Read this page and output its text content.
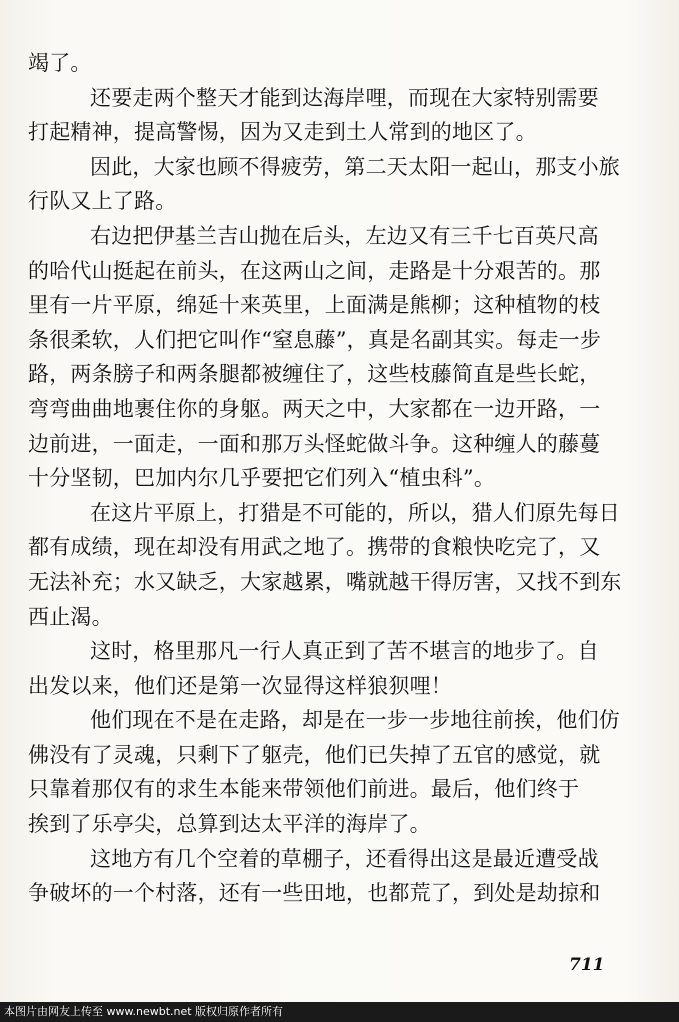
竭了。
还要走两个整天才能到达海岸哩，而现在大家特别需要
打起精神，提高警惕，因为又走到土人常到的地区了。
因此，大家也顾不得疲劳，第二天太阳一起山，那支小旅
行队又上了路。
右边把伊基兰吉山抛在后头，左边又有三千七百英尺高
的哈代山挺起在前头，在这两山之间，走路是十分艰苦的。那
里有一片平原，绵延十来英里，上面满是熊柳；这种植物的枝
条很柔软，人们把它叫作“窒息藤”，真是名副其实。每走一步
路，两条膀子和两条腿都被缠住了，这些枝藤简直是些长蛇，
弯弯曲曲地裹住你的身躯。两天之中，大家都在一边开路，一
边前进，一面走，一面和那万头怪蛇做斗争。这种缠人的藤蔓
十分坚韧，巴加内尔几乎要把它们列入“植虫科”。
在这片平原上，打猎是不可能的，所以，猎人们原先每日
都有成绩，现在却没有用武之地了。携带的食粮快吃完了，又
无法补充；水又缺乏，大家越累，嘴就越干得厉害，又找不到东
西止渴。
这时，格里那凡一行人真正到了苦不堪言的地步了。自
出发以来，他们还是第一次显得这样狼狈哩！
他们现在不是在走路，却是在一步一步地往前挨，他们仿
佛没有了灵魂，只剩下了躯壳，他们已失掉了五官的感觉，就
只靠着那仅有的求生本能来带领他们前进。最后，他们终于
挨到了乐亭尖，总算到达太平洋的海岸了。
这地方有几个空着的草棚子，还看得出这是最近遭受战
争破坏的一个村落，还有一些田地，也都荒了，到处是劫掠和
711
本图片由网友上传至 www.newbt.net 版权归原作者所有
